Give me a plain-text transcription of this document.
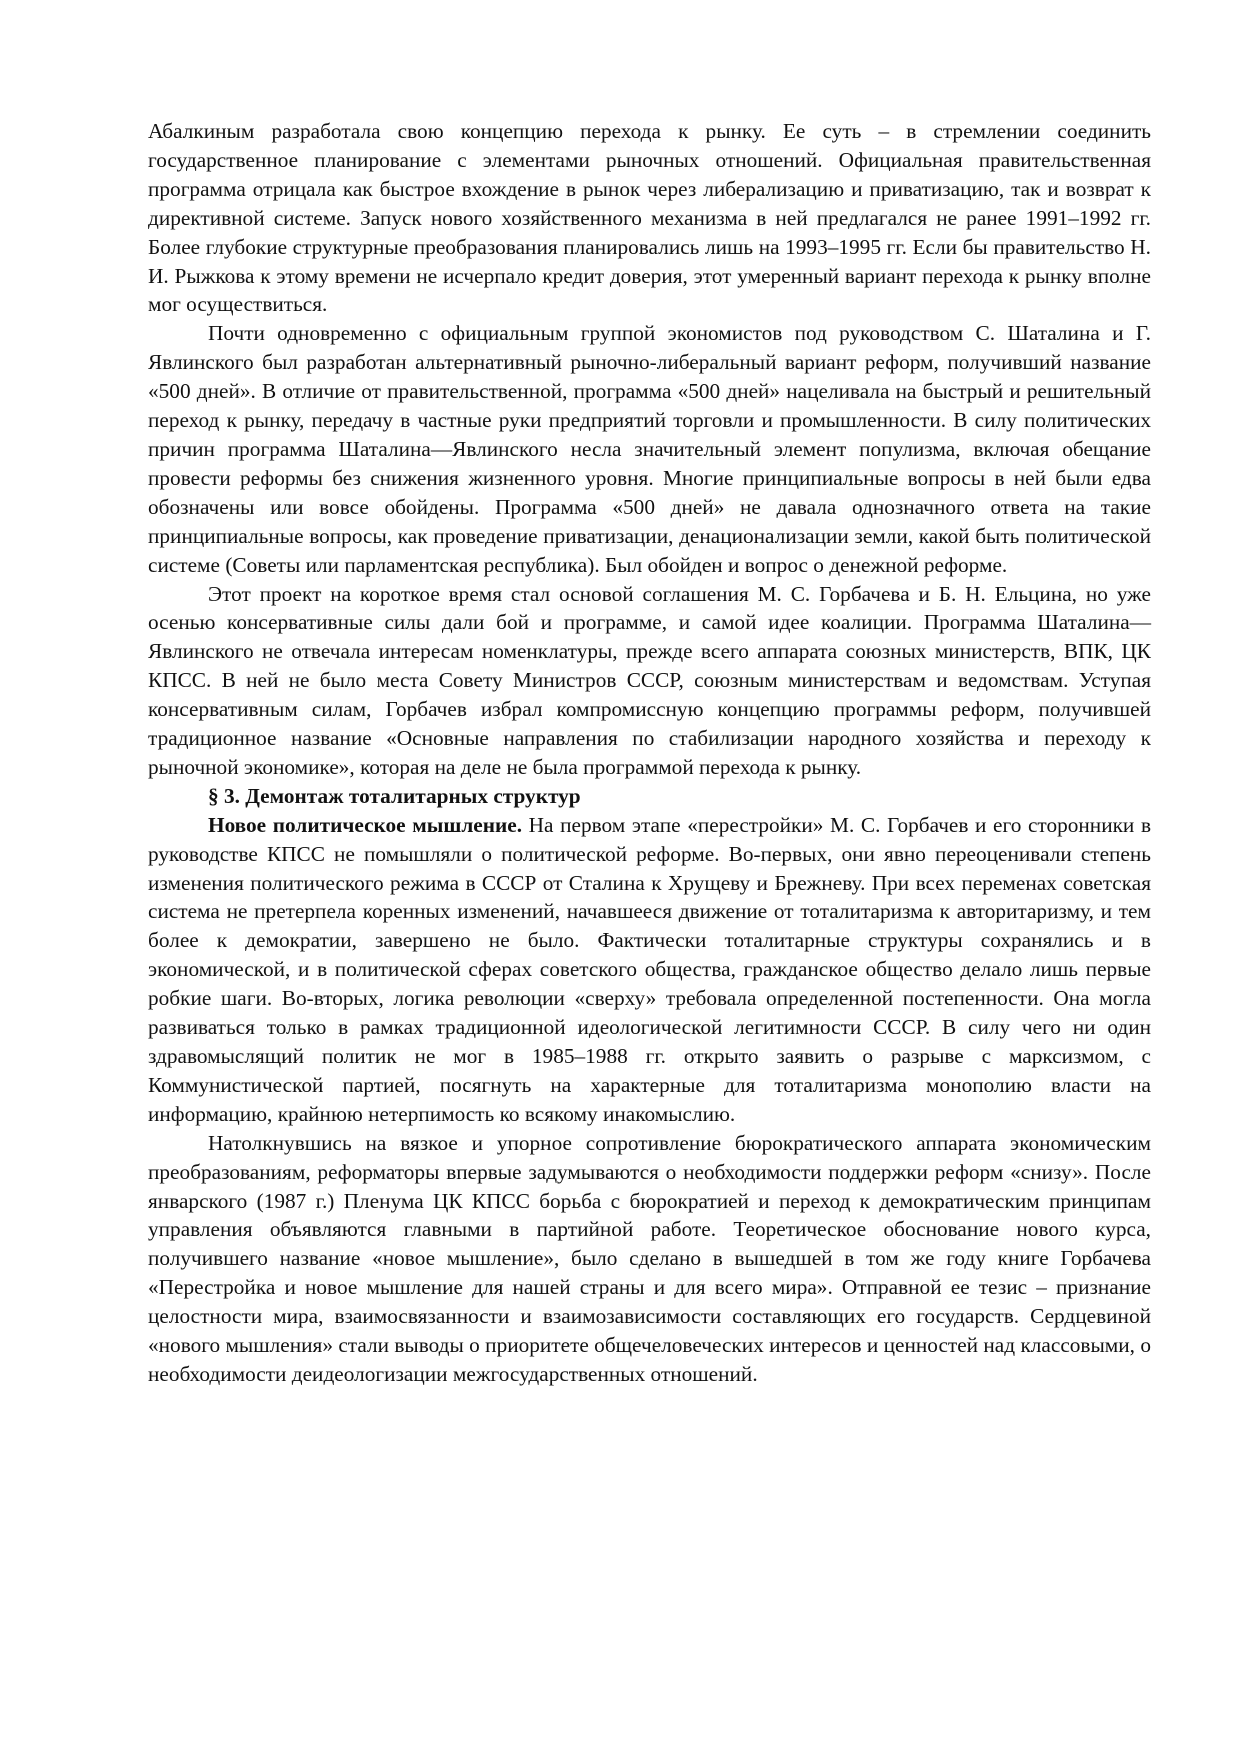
Абалкиным разработала свою концепцию перехода к рынку. Ее суть – в стремлении соединить государственное планирование с элементами рыночных отношений. Официальная правительственная программа отрицала как быстрое вхождение в рынок через либерализацию и приватизацию, так и возврат к директивной системе. Запуск нового хозяйственного механизма в ней предлагался не ранее 1991–1992 гг. Более глубокие структурные преобразования планировались лишь на 1993–1995 гг. Если бы правительство Н. И. Рыжкова к этому времени не исчерпало кредит доверия, этот умеренный вариант перехода к рынку вполне мог осуществиться.

Почти одновременно с официальным группой экономистов под руководством С. Шаталина и Г. Явлинского был разработан альтернативный рыночно-либеральный вариант реформ, получивший название «500 дней». В отличие от правительственной, программа «500 дней» нацеливала на быстрый и решительный переход к рынку, передачу в частные руки предприятий торговли и промышленности. В силу политических причин программа Шаталина—Явлинского несла значительный элемент популизма, включая обещание провести реформы без снижения жизненного уровня. Многие принципиальные вопросы в ней были едва обозначены или вовсе обойдены. Программа «500 дней» не давала однозначного ответа на такие принципиальные вопросы, как проведение приватизации, денационализации земли, какой быть политической системе (Советы или парламентская республика). Был обойден и вопрос о денежной реформе.

Этот проект на короткое время стал основой соглашения М. С. Горбачева и Б. Н. Ельцина, но уже осенью консервативные силы дали бой и программе, и самой идее коалиции. Программа Шаталина—Явлинского не отвечала интересам номенклатуры, прежде всего аппарата союзных министерств, ВПК, ЦК КПСС. В ней не было места Совету Министров СССР, союзным министерствам и ведомствам. Уступая консервативным силам, Горбачев избрал компромиссную концепцию программы реформ, получившей традиционное название «Основные направления по стабилизации народного хозяйства и переходу к рыночной экономике», которая на деле не была программой перехода к рынку.

§ 3. Демонтаж тоталитарных структур

Новое политическое мышление. На первом этапе «перестройки» М. С. Горбачев и его сторонники в руководстве КПСС не помышляли о политической реформе. Во-первых, они явно переоценивали степень изменения политического режима в СССР от Сталина к Хрущеву и Брежневу. При всех переменах советская система не претерпела коренных изменений, начавшееся движение от тоталитаризма к авторитаризму, и тем более к демократии, завершено не было. Фактически тоталитарные структуры сохранялись и в экономической, и в политической сферах советского общества, гражданское общество делало лишь первые робкие шаги. Во-вторых, логика революции «сверху» требовала определенной постепенности. Она могла развиваться только в рамках традиционной идеологической легитимности СССР. В силу чего ни один здравомыслящий политик не мог в 1985–1988 гг. открыто заявить о разрыве с марксизмом, с Коммунистической партией, посягнуть на характерные для тоталитаризма монополию власти на информацию, крайнюю нетерпимость ко всякому инакомыслию.

Натолкнувшись на вязкое и упорное сопротивление бюрократического аппарата экономическим преобразованиям, реформаторы впервые задумываются о необходимости поддержки реформ «снизу». После январского (1987 г.) Пленума ЦК КПСС борьба с бюрократией и переход к демократическим принципам управления объявляются главными в партийной работе. Теоретическое обоснование нового курса, получившего название «новое мышление», было сделано в вышедшей в том же году книге Горбачева «Перестройка и новое мышление для нашей страны и для всего мира». Отправной ее тезис – признание целостности мира, взаимосвязанности и взаимозависимости составляющих его государств. Сердцевиной «нового мышления» стали выводы о приоритете общечеловеческих интересов и ценностей над классовыми, о необходимости деидеологизации межгосударственных отношений.
